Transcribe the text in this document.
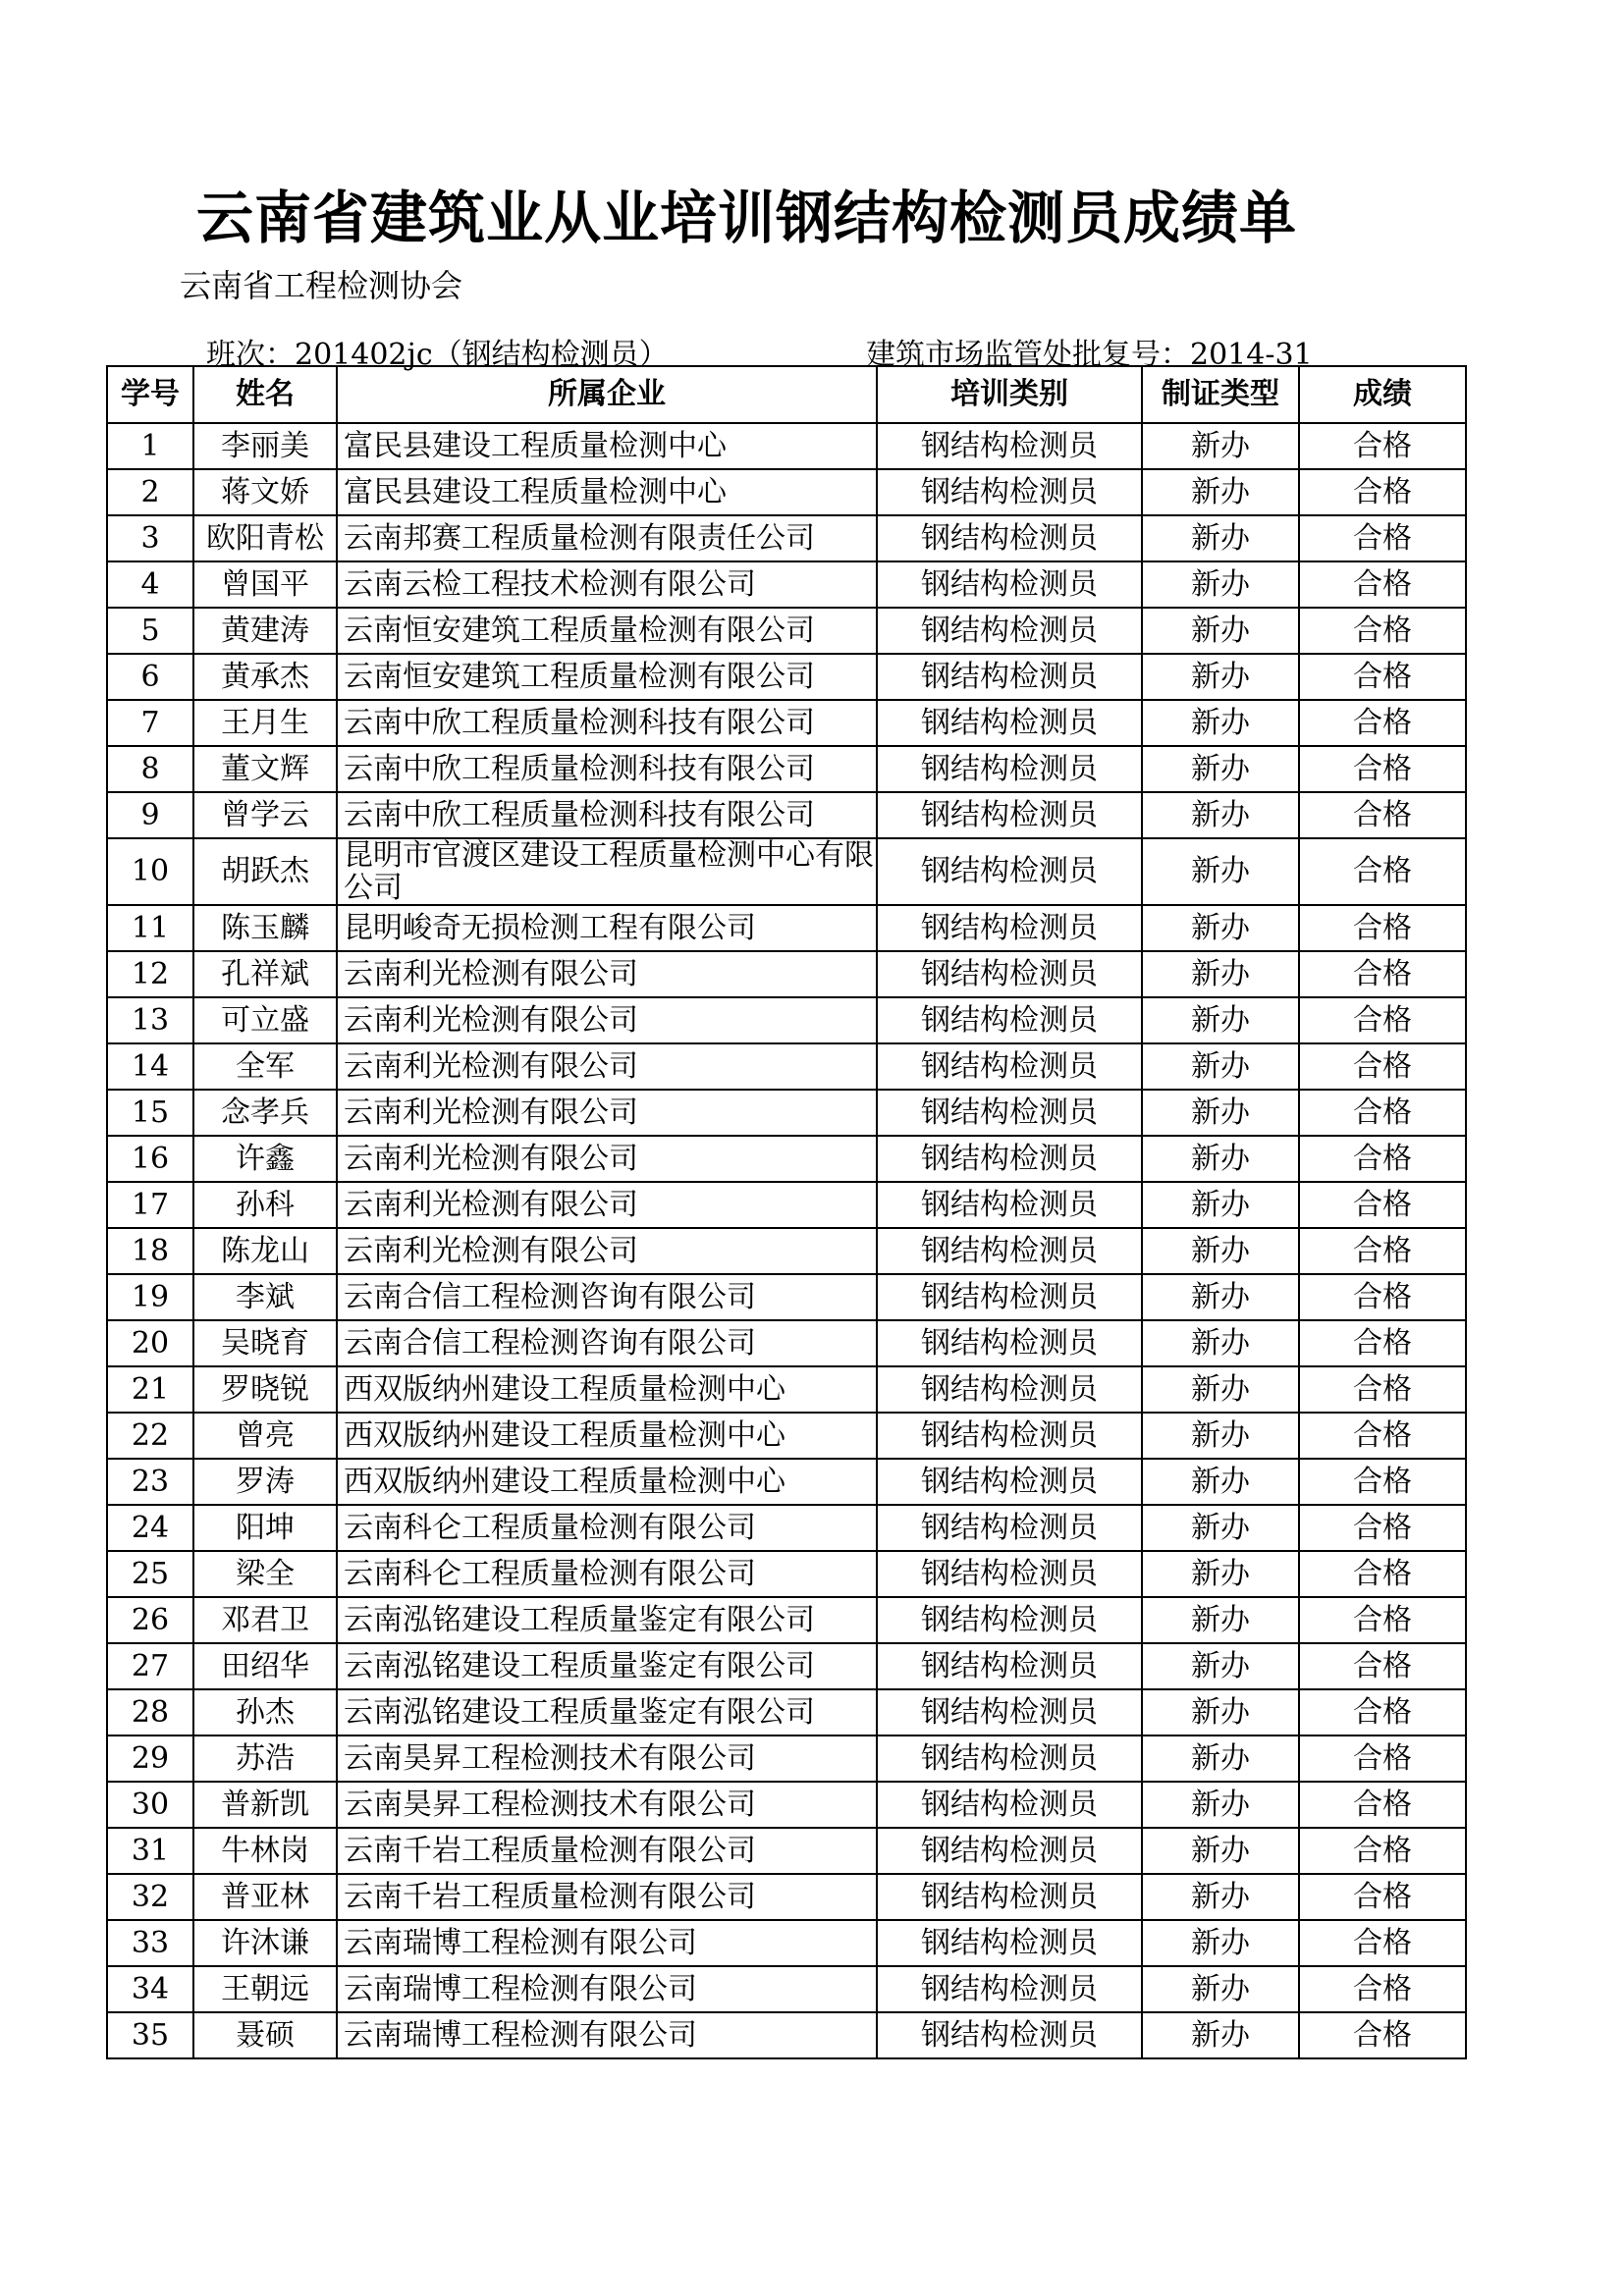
云南省建筑业从业培训钢结构检测员成绩单
云南省工程检测协会
班次：201402jc（钢结构检测员）	建筑市场监管处批复号：2014-31
学号	姓名	所属企业	培训类别	制证类型	成绩
1	李丽美	富民县建设工程质量检测中心	钢结构检测员	新办	合格
2	蒋文娇	富民县建设工程质量检测中心	钢结构检测员	新办	合格
3	欧阳青松	云南邦赛工程质量检测有限责任公司	钢结构检测员	新办	合格
4	曾国平	云南云检工程技术检测有限公司	钢结构检测员	新办	合格
5	黄建涛	云南恒安建筑工程质量检测有限公司	钢结构检测员	新办	合格
6	黄承杰	云南恒安建筑工程质量检测有限公司	钢结构检测员	新办	合格
7	王月生	云南中欣工程质量检测科技有限公司	钢结构检测员	新办	合格
8	董文辉	云南中欣工程质量检测科技有限公司	钢结构检测员	新办	合格
9	曾学云	云南中欣工程质量检测科技有限公司	钢结构检测员	新办	合格
10	胡跃杰	昆明市官渡区建设工程质量检测中心有限公司	钢结构检测员	新办	合格
11	陈玉麟	昆明峻奇无损检测工程有限公司	钢结构检测员	新办	合格
12	孔祥斌	云南利光检测有限公司	钢结构检测员	新办	合格
13	可立盛	云南利光检测有限公司	钢结构检测员	新办	合格
14	全军	云南利光检测有限公司	钢结构检测员	新办	合格
15	念孝兵	云南利光检测有限公司	钢结构检测员	新办	合格
16	许鑫	云南利光检测有限公司	钢结构检测员	新办	合格
17	孙科	云南利光检测有限公司	钢结构检测员	新办	合格
18	陈龙山	云南利光检测有限公司	钢结构检测员	新办	合格
19	李斌	云南合信工程检测咨询有限公司	钢结构检测员	新办	合格
20	吴晓育	云南合信工程检测咨询有限公司	钢结构检测员	新办	合格
21	罗晓锐	西双版纳州建设工程质量检测中心	钢结构检测员	新办	合格
22	曾亮	西双版纳州建设工程质量检测中心	钢结构检测员	新办	合格
23	罗涛	西双版纳州建设工程质量检测中心	钢结构检测员	新办	合格
24	阳坤	云南科仑工程质量检测有限公司	钢结构检测员	新办	合格
25	梁全	云南科仑工程质量检测有限公司	钢结构检测员	新办	合格
26	邓君卫	云南泓铭建设工程质量鉴定有限公司	钢结构检测员	新办	合格
27	田绍华	云南泓铭建设工程质量鉴定有限公司	钢结构检测员	新办	合格
28	孙杰	云南泓铭建设工程质量鉴定有限公司	钢结构检测员	新办	合格
29	苏浩	云南昊昇工程检测技术有限公司	钢结构检测员	新办	合格
30	普新凯	云南昊昇工程检测技术有限公司	钢结构检测员	新办	合格
31	牛林岗	云南千岩工程质量检测有限公司	钢结构检测员	新办	合格
32	普亚林	云南千岩工程质量检测有限公司	钢结构检测员	新办	合格
33	许沐谦	云南瑞博工程检测有限公司	钢结构检测员	新办	合格
34	王朝远	云南瑞博工程检测有限公司	钢结构检测员	新办	合格
35	聂硕	云南瑞博工程检测有限公司	钢结构检测员	新办	合格
